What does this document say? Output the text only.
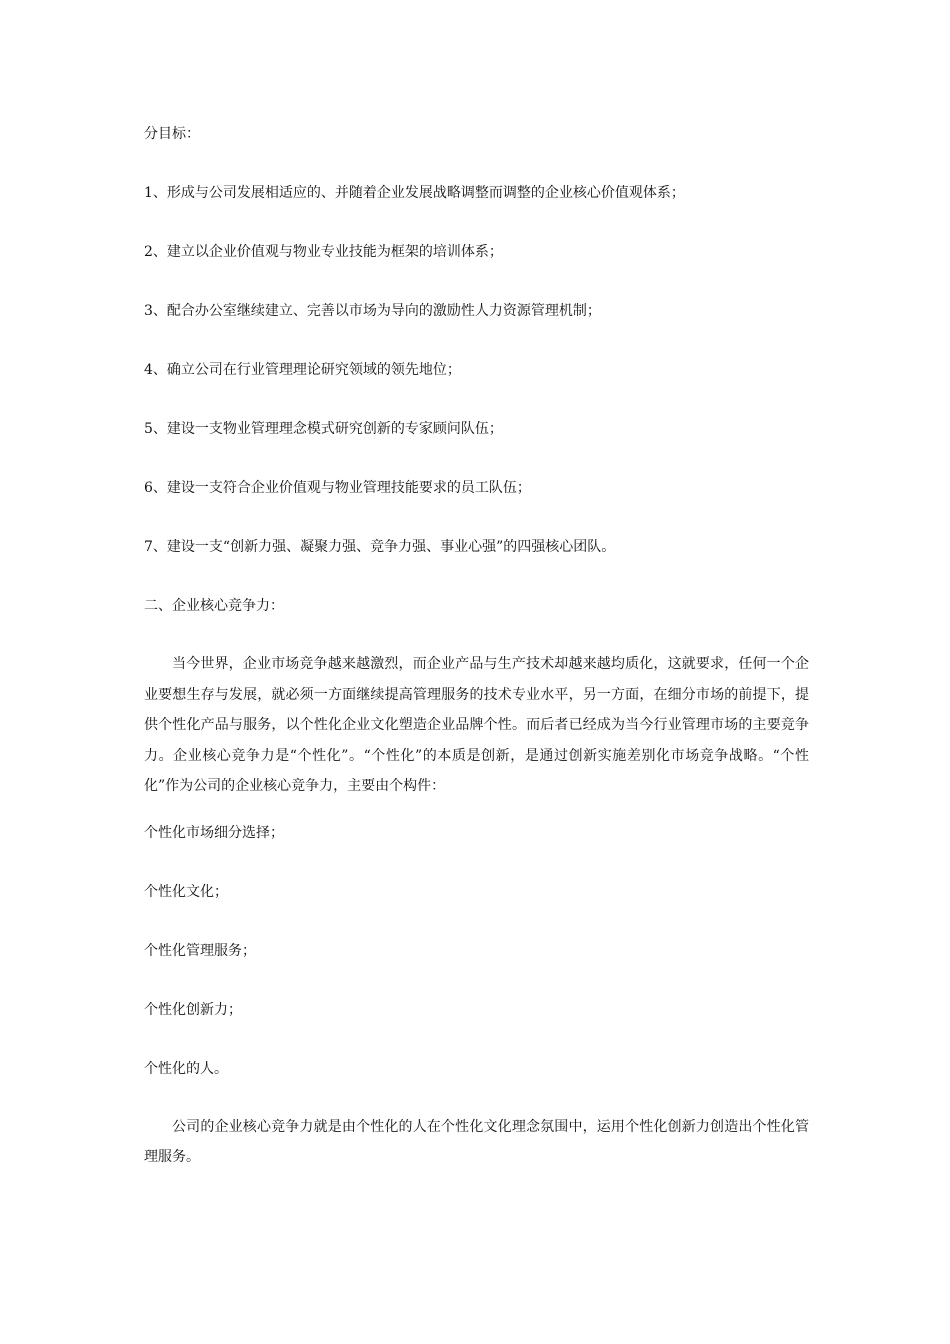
分目标：
1、形成与公司发展相适应的、并随着企业发展战略调整而调整的企业核心价值观体系；
2、建立以企业价值观与物业专业技能为框架的培训体系；
3、配合办公室继续建立、完善以市场为导向的激励性人力资源管理机制；
4、确立公司在行业管理理论研究领域的领先地位；
5、建设一支物业管理理念模式研究创新的专家顾问队伍；
6、建设一支符合企业价值观与物业管理技能要求的员工队伍；
7、建设一支“创新力强、凝聚力强、竞争力强、事业心强”的四强核心团队。
二、企业核心竞争力：

当今世界，企业市场竞争越来越激烈，而企业产品与生产技术却越来越均质化，这就要求，任何一个企业要想生存与发展，就必须一方面继续提高管理服务的技术专业水平，另一方面，在细分市场的前提下，提供个性化产品与服务，以个性化企业文化塑造企业品牌个性。而后者已经成为当今行业管理市场的主要竞争力。企业核心竞争力是“个性化”。“个性化”的本质是创新，是通过创新实施差别化市场竞争战略。“个性化”作为公司的企业核心竞争力，主要由个构件：

个性化市场细分选择；
个性化文化；
个性化管理服务；
个性化创新力；
个性化的人。

公司的企业核心竞争力就是由个性化的人在个性化文化理念氛围中，运用个性化创新力创造出个性化管理服务。
